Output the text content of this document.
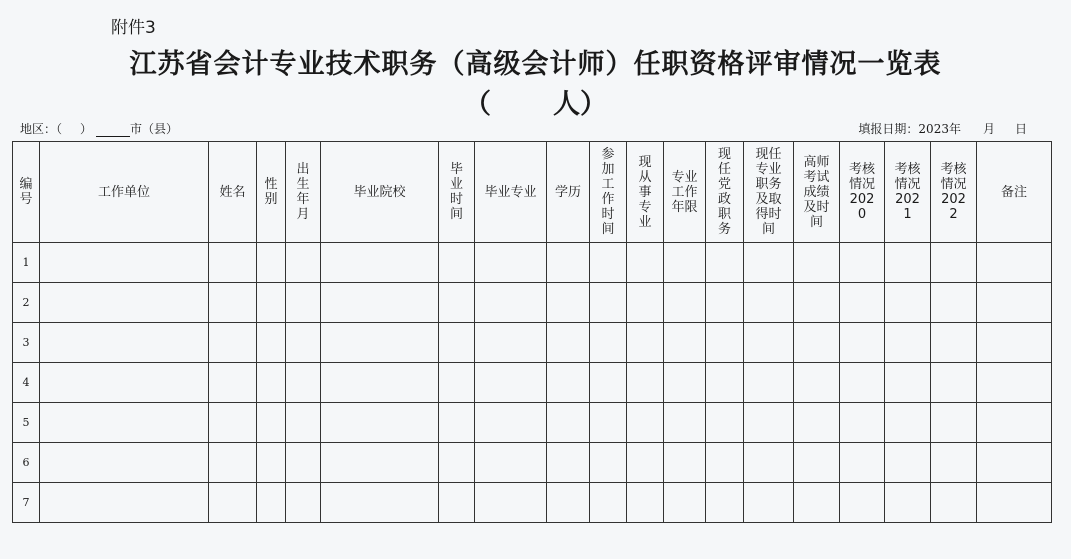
附件3
江苏省会计专业技术职务（高级会计师）任职资格评审情况一览表
（ 人）
地区：（ ）	市（县）	填报日期：2023年 月 日
编号	工作单位	姓名	性别	出生年月	毕业院校	毕业时间	毕业专业	学历	参加工作时间	现从事专业	专业工作年限	现任党政职务	现任专业职务及取得时间	高师考试成绩及时间	考核情况2020	考核情况2021	考核情况2022	备注
1																		
2																		
3																		
4																		
5																		
6																		
7																		
